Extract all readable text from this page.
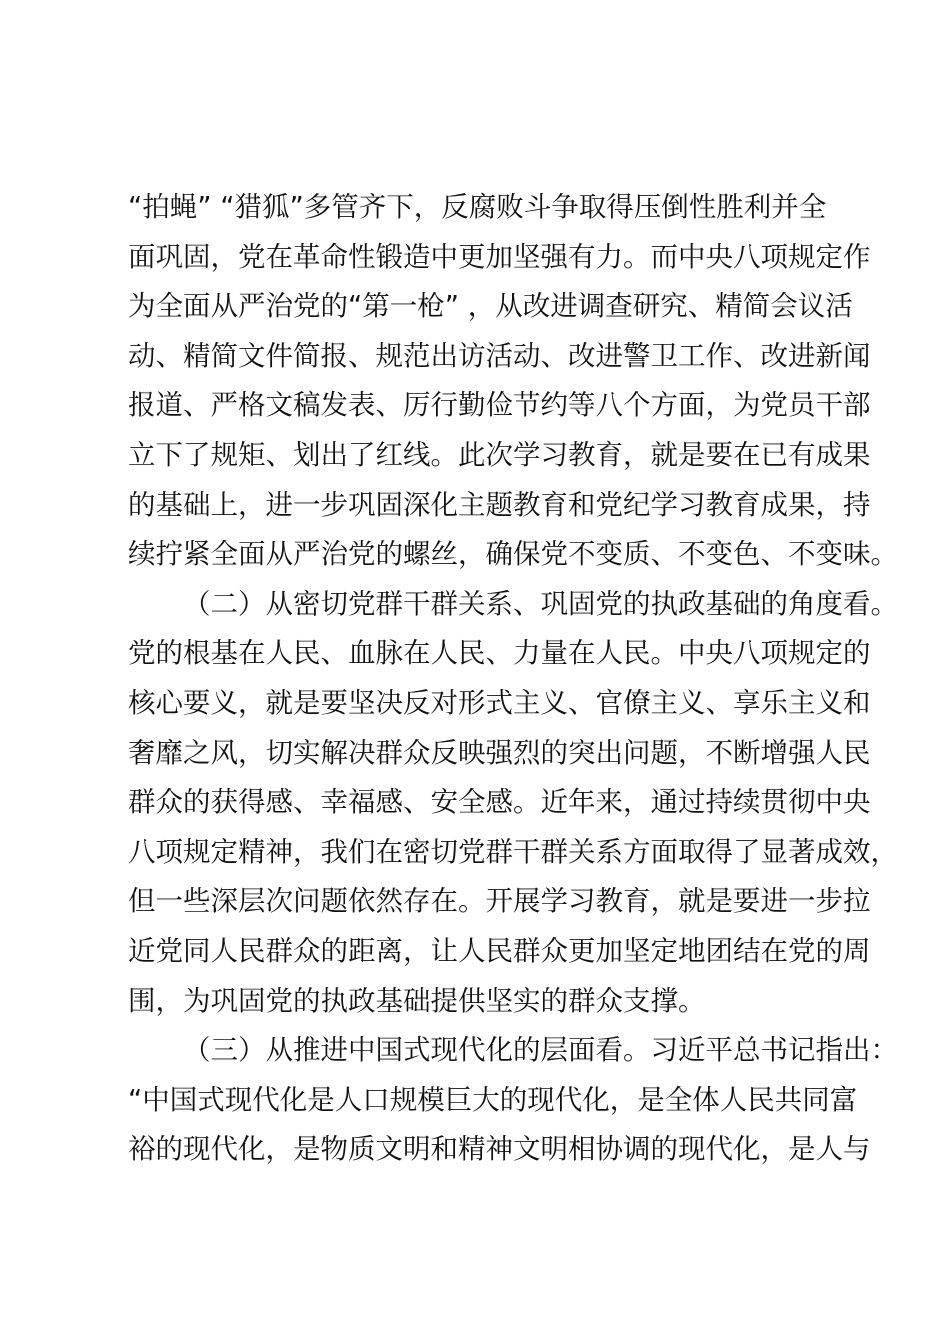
“拍蝇” “猎狐”多管齐下，反腐败斗争取得压倒性胜利并全
面巩固，党在革命性锻造中更加坚强有力。而中央八项规定作
为全面从严治党的“第一枪” ，从改进调查研究、精简会议活
动、精简文件简报、规范出访活动、改进警卫工作、改进新闻
报道、严格文稿发表、厉行勤俭节约等八个方面，为党员干部
立下了规矩、划出了红线。此次学习教育，就是要在已有成果
的基础上，进一步巩固深化主题教育和党纪学习教育成果，持
续拧紧全面从严治党的螺丝，确保党不变质、不变色、不变味。
（二）从密切党群干群关系、巩固党的执政基础的角度看。
党的根基在人民、血脉在人民、力量在人民。中央八项规定的
核心要义，就是要坚决反对形式主义、官僚主义、享乐主义和
奢靡之风，切实解决群众反映强烈的突出问题，不断增强人民
群众的获得感、幸福感、安全感。近年来，通过持续贯彻中央
八项规定精神，我们在密切党群干群关系方面取得了显著成效，
但一些深层次问题依然存在。开展学习教育，就是要进一步拉
近党同人民群众的距离，让人民群众更加坚定地团结在党的周
围，为巩固党的执政基础提供坚实的群众支撑。
（三）从推进中国式现代化的层面看。习近平总书记指出：
“中国式现代化是人口规模巨大的现代化，是全体人民共同富
裕的现代化，是物质文明和精神文明相协调的现代化，是人与
